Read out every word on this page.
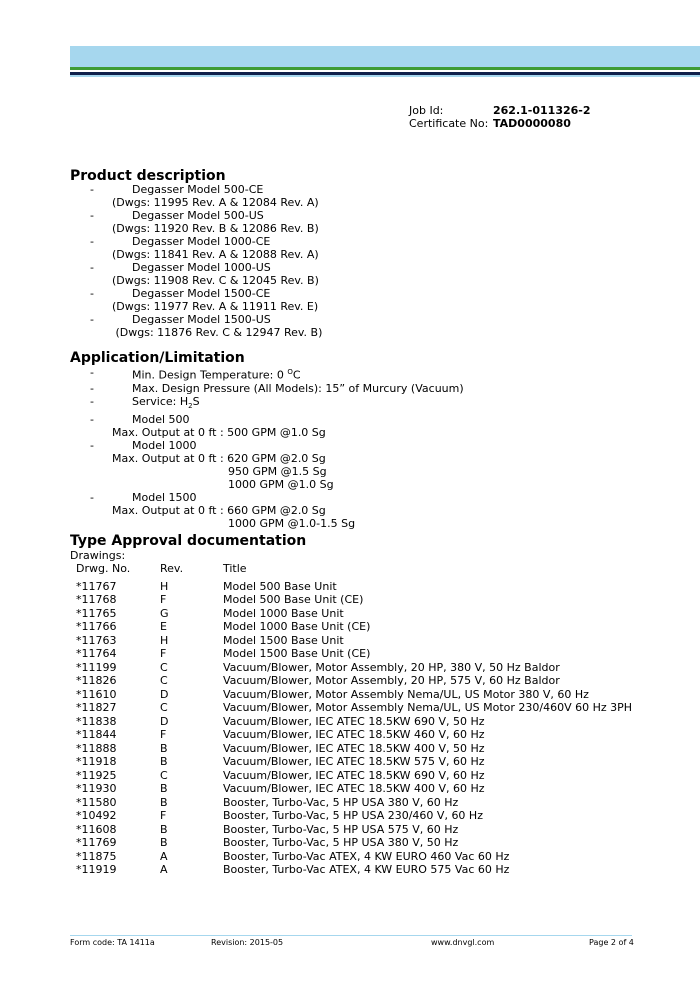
Job Id:	262.1-011326-2
Certificate No: TAD0000080
Product description
-	Degasser Model 500-CE
(Dwgs: 11995 Rev. A & 12084 Rev. A)
-	Degasser Model 500-US
(Dwgs: 11920 Rev. B & 12086 Rev. B)
-	Degasser Model 1000-CE
(Dwgs: 11841 Rev. A & 12088 Rev. A)
-	Degasser Model 1000-US
(Dwgs: 11908 Rev. C & 12045 Rev. B)
-	Degasser Model 1500-CE
(Dwgs: 11977 Rev. A & 11911 Rev. E)
-	Degasser Model 1500-US
(Dwgs: 11876 Rev. C & 12947 Rev. B)
Application/Limitation
-	Min. Design Temperature: 0 $^O$C
-	Max. Design Pressure (All Models): 15” of Murcury (Vacuum)
-	Service: $H_2S$
-	Model 500
Max. Output at 0 ft : 500 GPM @1.0 Sg
-	Model 1000
Max. Output at 0 ft : 620 GPM @2.0 Sg
950 GPM @1.5 Sg
1000 GPM @1.0 Sg
-	Model 1500
Max. Output at 0 ft : 660 GPM @2.0 Sg
1000 GPM @1.0-1.5 Sg
Type Approval documentation
Drawings:
Drwg. No.	Rev.	Title
*11767	H	Model 500 Base Unit
*11768	F	Model 500 Base Unit (CE)
*11765	G	Model 1000 Base Unit
*11766	E	Model 1000 Base Unit (CE)
*11763	H	Model 1500 Base Unit
*11764	F	Model 1500 Base Unit (CE)
*11199	C	Vacuum/Blower, Motor Assembly, 20 HP, 380 V, 50 Hz Baldor
*11826	C	Vacuum/Blower, Motor Assembly, 20 HP, 575 V, 60 Hz Baldor
*11610	D	Vacuum/Blower, Motor Assembly Nema/UL, US Motor 380 V, 60 Hz
*11827	C	Vacuum/Blower, Motor Assembly Nema/UL, US Motor 230/460V 60 Hz 3PH
*11838	D	Vacuum/Blower, IEC ATEC 18.5KW 690 V, 50 Hz
*11844	F	Vacuum/Blower, IEC ATEC 18.5KW 460 V, 60 Hz
*11888	B	Vacuum/Blower, IEC ATEC 18.5KW 400 V, 50 Hz
*11918	B	Vacuum/Blower, IEC ATEC 18.5KW 575 V, 60 Hz
*11925	C	Vacuum/Blower, IEC ATEC 18.5KW 690 V, 60 Hz
*11930	B	Vacuum/Blower, IEC ATEC 18.5KW 400 V, 60 Hz
*11580	B	Booster, Turbo-Vac, 5 HP USA 380 V, 60 Hz
*10492	F	Booster, Turbo-Vac, 5 HP USA 230/460 V, 60 Hz
*11608	B	Booster, Turbo-Vac, 5 HP USA 575 V, 60 Hz
*11769	B	Booster, Turbo-Vac, 5 HP USA 380 V, 50 Hz
*11875	A	Booster, Turbo-Vac ATEX, 4 KW EURO 460 Vac 60 Hz
*11919	A	Booster, Turbo-Vac ATEX, 4 KW EURO 575 Vac 60 Hz
Form code: TA 1411a	Revision: 2015-05	www.dnvgl.com	Page 2 of 4
